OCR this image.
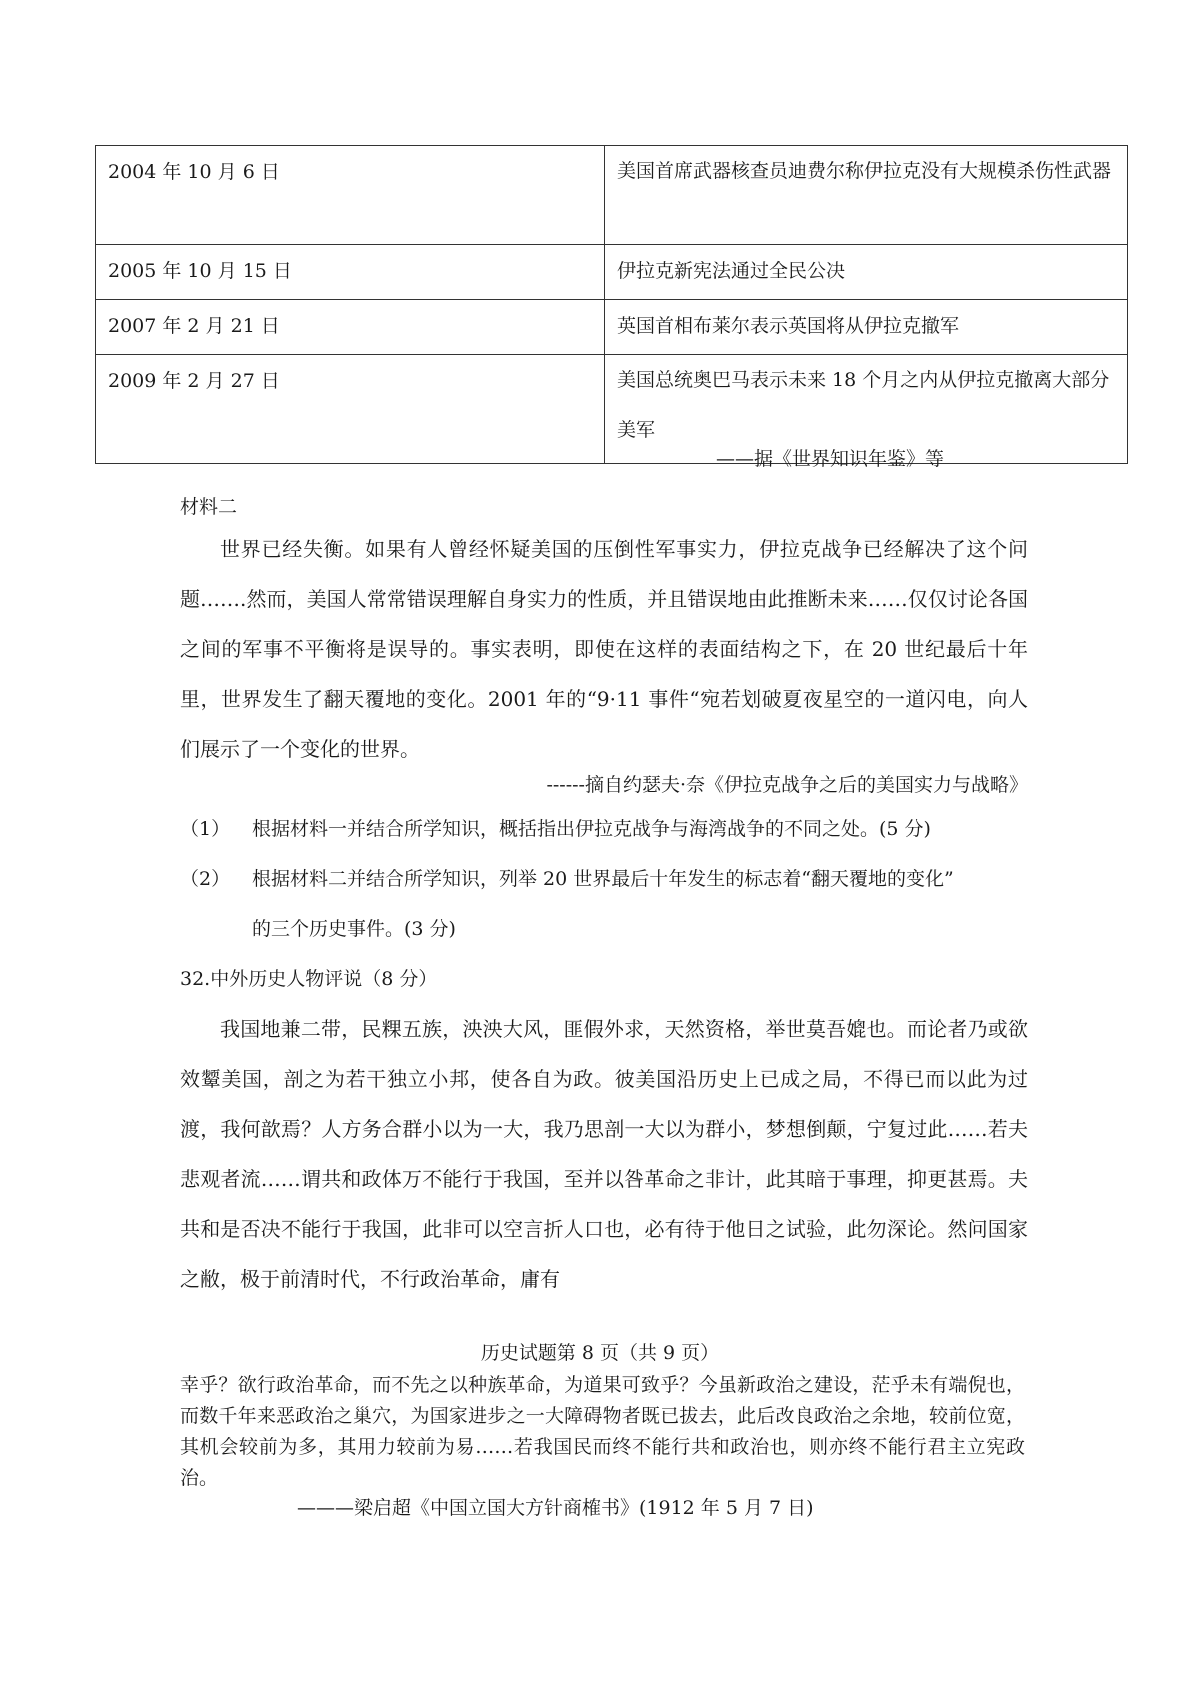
2004 年 10 月 6 日	美国首席武器核查员迪费尔称伊拉克没有大规模杀伤性武器
2005 年 10 月 15 日	伊拉克新宪法通过全民公决
2007 年 2 月 21 日	英国首相布莱尔表示英国将从伊拉克撤军
2009 年 2 月 27 日	美国总统奥巴马表示未来 18 个月之内从伊拉克撤离大部分美军
——据《世界知识年鉴》等
材料二
世界已经失衡。如果有人曾经怀疑美国的压倒性军事实力，伊拉克战争已经解决了这个问题…….然而，美国人常常错误理解自身实力的性质，并且错误地由此推断未来……仅仅讨论各国之间的军事不平衡将是误导的。事实表明，即使在这样的表面结构之下，在 20 世纪最后十年里，世界发生了翻天覆地的变化。2001 年的“9·11 事件“宛若划破夏夜星空的一道闪电，向人们展示了一个变化的世界。
------摘自约瑟夫·奈《伊拉克战争之后的美国实力与战略》
（1） 根据材料一并结合所学知识，概括指出伊拉克战争与海湾战争的不同之处。(5 分)
（2） 根据材料二并结合所学知识，列举 20 世界最后十年发生的标志着“翻天覆地的变化”
的三个历史事件。(3 分)
32.中外历史人物评说（8 分）
我国地兼二带，民粿五族，泱泱大风，匪假外求，天然资格，举世莫吾媲也。而论者乃或欲效颦美国，剖之为若干独立小邦，使各自为政。彼美国沿历史上已成之局，不得已而以此为过渡，我何歆焉？人方务合群小以为一大，我乃思剖一大以为群小，梦想倒颠，宁复过此……若夫悲观者流……谓共和政体万不能行于我国，至并以咎革命之非计，此其暗于事理，抑更甚焉。夫共和是否决不能行于我国，此非可以空言折人口也，必有待于他日之试验，此勿深论。然问国家之敝，极于前清时代，不行政治革命，庸有
历史试题第 8 页（共 9 页）
幸乎？欲行政治革命，而不先之以种族革命，为道果可致乎？今虽新政治之建设，茫乎未有端倪也，而数千年来恶政治之巢穴，为国家进步之一大障碍物者既已拔去，此后改良政治之余地，较前位宽，其机会较前为多，其用力较前为易……若我国民而终不能行共和政治也，则亦终不能行君主立宪政治。
———梁启超《中国立国大方针商榷书》(1912 年 5 月 7 日)
